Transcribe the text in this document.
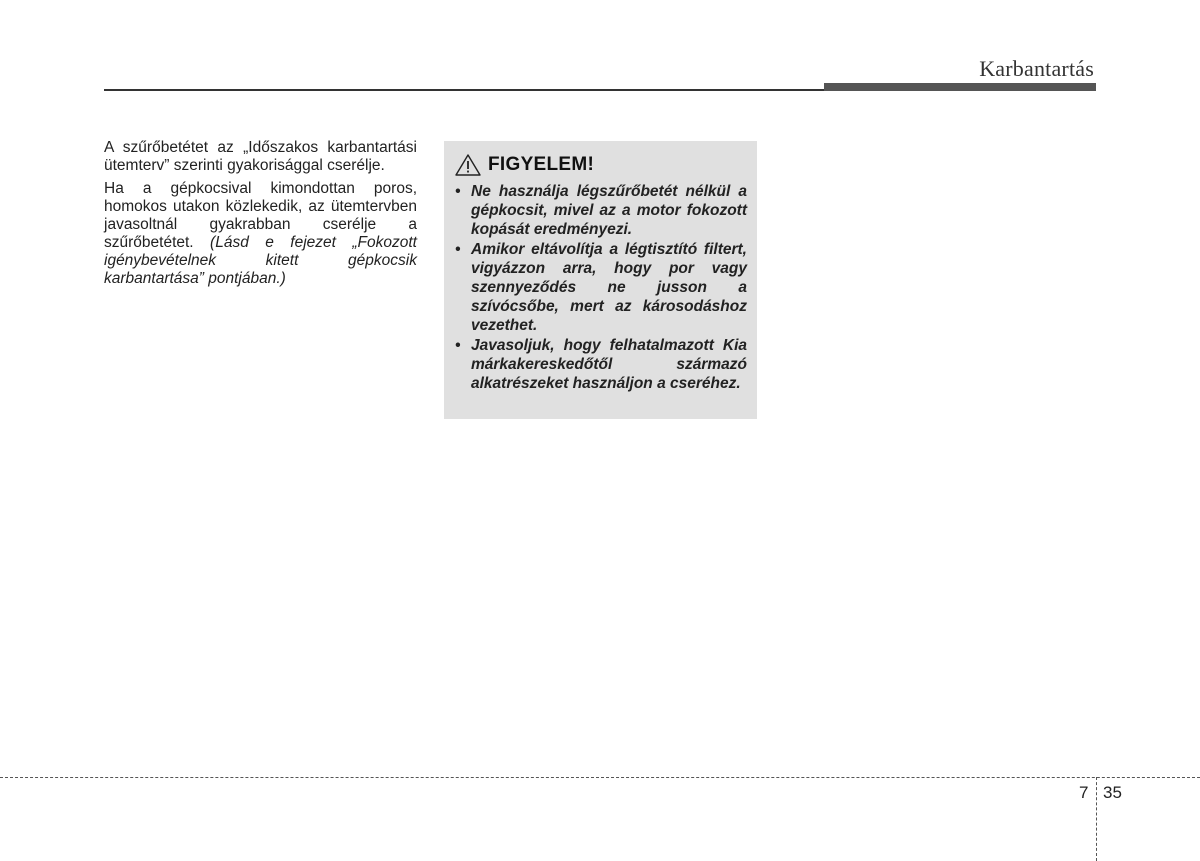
Karbantartás

A szűrőbetétet az „Időszakos karbantartási ütemterv” szerinti gyakorisággal cserélje.

Ha a gépkocsival kimondottan poros, homokos utakon közlekedik, az ütemtervben javasoltnál gyakrabban cserélje a szűrőbetétet. (Lásd e fejezet „Fokozott igénybevételnek kitett gépkocsik karbantartása” pontjában.)

FIGYELEM!
• Ne használja légszűrőbetét nélkül a gépkocsit, mivel az a motor fokozott kopását eredményezi.
• Amikor eltávolítja a légtisztító filtert, vigyázzon arra, hogy por vagy szennyeződés ne jusson a szívócsőbe, mert az károsodáshoz vezethet.
• Javasoljuk, hogy felhatalmazott Kia márkakereskedőtől származó alkatrészeket használjon a cseréhez.
7 35
